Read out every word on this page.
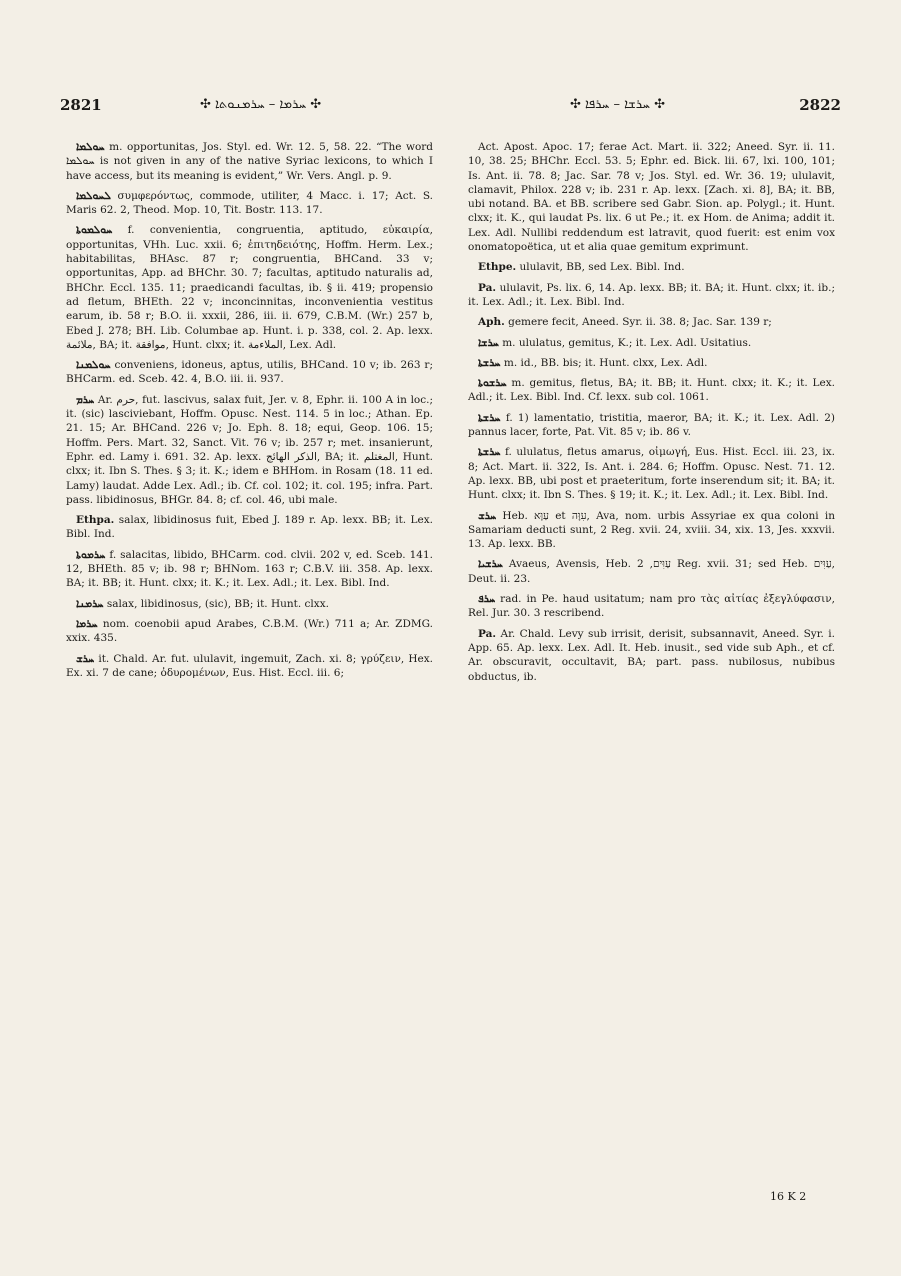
2821	✣ ܚܪܡܐ – ܚܪܡܢܘܬܐ ✣	✣ ܚܪܫܐ – ܚܪܦܐ ✣	2822

ܚܘܠܡܐ m. opportunitas, Jos. Styl. ed. Wr. 12. 5, 58. 22. “The word ܚܘܠܡܐ is not given in any of the native Syriac lexicons, to which I have access, but its meaning is evident,” Wr. Vers. Angl. p. 9.

ܠܚܘܠܡܐ συμφερόντως, commode, utiliter, 4 Macc. i. 17; Act. S. Maris 62. 2, Theod. Mop. 10, Tit. Bostr. 113. 17.

ܚܘܠܡܘܬܐ f. convenientia, congruentia, aptitudo, εὐκαιρία, opportunitas, VHh. Luc. xxii. 6; ἐπιτηδειότης, Hoffm. Herm. Lex.; habitabilitas, BHAsc. 87 r; congruentia, BHCand. 33 v; opportunitas, App. ad BHChr. 30. 7; facultas, aptitudo naturalis ad, BHChr. Eccl. 135. 11; praedicandi facultas, ib. § ii. 419; propensio ad fletum, BHEth. 22 v; inconcinnitas, inconvenientia vestitus earum, ib. 58 r; B.O. ii. xxxii, 286, iii. ii. 679, C.B.M. (Wr.) 257 b, Ebed J. 278; BH. Lib. Columbae ap. Hunt. i. p. 338, col. 2. Ap. lexx. ملائمة, BA; it. موافقة, Hunt. clxx; it. الملاءمة, Lex. Adl.

ܚܘܠܡܢܐ conveniens, idoneus, aptus, utilis, BHCand. 10 v; ib. 263 r; BHCarm. ed. Sceb. 42. 4, B.O. iii. ii. 937.

ܚܪܡ Ar. حرم, fut. lascivus, salax fuit, Jer. v. 8, Ephr. ii. 100 A in loc.; it. (sic) lasciviebant, Hoffm. Opusc. Nest. 114. 5 in loc.; Athan. Ep. 21. 15; Ar. BHCand. 226 v; Jo. Eph. 8. 18; equi, Geop. 106. 15; Hoffm. Pers. Mart. 32, Sanct. Vit. 76 v; ib. 257 r; met. insanierunt, Ephr. ed. Lamy i. 691. 32. Ap. lexx. الذكر الهائج, BA; it. المغتلم, Hunt. clxx; it. Ibn S. Thes. § 3; it. K.; idem e BHHom. in Rosam (18. 11 ed. Lamy) laudat. Adde Lex. Adl.; ib. Cf. col. 102; it. col. 195; infra. Part. pass. libidinosus, BHGr. 84. 8; cf. col. 46, ubi male.

Ethpa. salax, libidinosus fuit, Ebed J. 189 r. Ap. lexx. BB; it. Lex. Bibl. Ind.

ܚܪܡܘܬܐ f. salacitas, libido, BHCarm. cod. clvii. 202 v, ed. Sceb. 141. 12, BHEth. 85 v; ib. 98 r; BHNom. 163 r; C.B.V. iii. 358. Ap. lexx. BA; it. BB; it. Hunt. clxx; it. K.; it. Lex. Adl.; it. Lex. Bibl. Ind.

ܚܪܡܢܐ salax, libidinosus, (sic), BB; it. Hunt. clxx.

ܚܪܡܐ nom. coenobii apud Arabes, C.B.M. (Wr.) 711 a; Ar. ZDMG. xxix. 435.

ܚܪܫ it. Chald. Ar. fut. ululavit, ingemuit, Zach. xi. 8; γρύζειν, Hex. Ex. xi. 7 de cane; ὀδυρομένων, Eus. Hist. Eccl. iii. 6;

Act. Apost. Apoc. 17; ferae Act. Mart. ii. 322; Aneed. Syr. ii. 11. 10, 38. 25; BHChr. Eccl. 53. 5; Ephr. ed. Bick. lii. 67, lxi. 100, 101; Is. Ant. ii. 78. 8; Jac. Sar. 78 v; Jos. Styl. ed. Wr. 36. 19; ululavit, clamavit, Philox. 228 v; ib. 231 r. Ap. lexx. [Zach. xi. 8], BA; it. BB, ubi notand. BA. et BB. scribere sed Gabr. Sion. ap. Polygl.; it. Hunt. clxx; it. K., qui laudat Ps. lix. 6 ut Pe.; it. ex Hom. de Anima; addit it. Lex. Adl. Nullibi reddendum est latravit, quod fuerit: est enim vox onomatopoëtica, ut et alia quae gemitum exprimunt.

Ethpe. ululavit, BB, sed Lex. Bibl. Ind.

Pa. ululavit, Ps. lix. 6, 14. Ap. lexx. BB; it. BA; it. Hunt. clxx; it. ib.; it. Lex. Adl.; it. Lex. Bibl. Ind.

Aph. gemere fecit, Aneed. Syr. ii. 38. 8; Jac. Sar. 139 r;

ܚܪܫܐ m. ululatus, gemitus, K.; it. Lex. Adl. Usitatius.

ܚܪܫܬܐ m. id., BB. bis; it. Hunt. clxx, Lex. Adl.

ܚܪܫܘܬܐ m. gemitus, fletus, BA; it. BB; it. Hunt. clxx; it. K.; it. Lex. Adl.; it. Lex. Bibl. Ind. Cf. lexx. sub col. 1061.

ܚܪܫܬܐ f. 1) lamentatio, tristitia, maeror, BA; it. K.; it. Lex. Adl. 2) pannus lacer, forte, Pat. Vit. 85 v; ib. 86 v.

ܚܪܫܬܐ f. ululatus, fletus amarus, οἰμωγή, Eus. Hist. Eccl. iii. 23, ix. 8; Act. Mart. ii. 322, Is. Ant. i. 284. 6; Hoffm. Opusc. Nest. 71. 12. Ap. lexx. BB, ubi post et praeteritum, forte inserendum sit; it. BA; it. Hunt. clxx; it. Ibn S. Thes. § 19; it. K.; it. Lex. Adl.; it. Lex. Bibl. Ind.

ܚܪܫ Heb. עַוָּא et עִוָּה, Ava, nom. urbis Assyriae ex qua coloni in Samariam deducti sunt, 2 Reg. xvii. 24, xviii. 34, xix. 13, Jes. xxxvii. 13. Ap. lexx. BB.

ܚܪܫܝܐ Avaeus, Avensis, Heb. עַוִּים, 2 Reg. xvii. 31; sed Heb. עַוִּים, Deut. ii. 23.

ܚܪܦ rad. in Pe. haud usitatum; nam pro τὰς αἰτίας ἐξεγλύφασιν, Rel. Jur. 30. 3 rescribend.

Pa. Ar. Chald. Levy sub irrisit, derisit, subsannavit, Aneed. Syr. i. App. 65. Ap. lexx. Lex. Adl. It. Heb. inusit., sed vide sub Aph., et cf. Ar. obscuravit, occultavit, BA; part. pass. nubilosus, nubibus obductus, ib.

16 K 2
